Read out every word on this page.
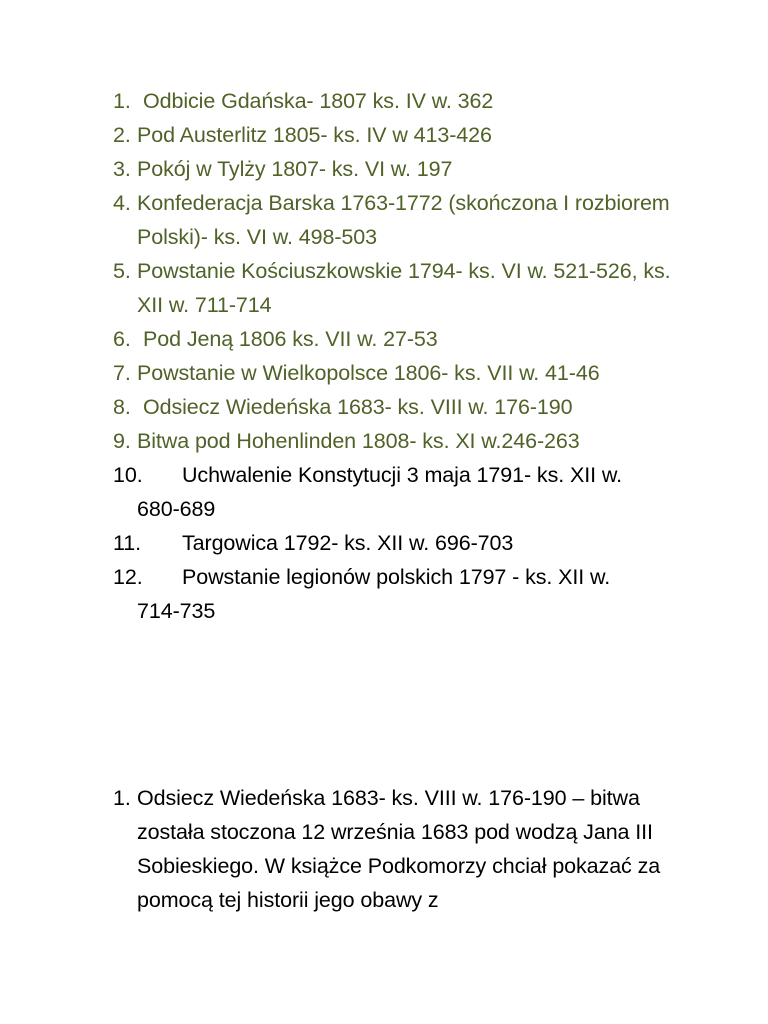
1. Odbicie Gdańska- 1807 ks. IV w. 362
2. Pod Austerlitz 1805- ks. IV w 413-426
3. Pokój w Tylży 1807- ks. VI w. 197
4. Konfederacja Barska 1763-1772 (skończona I rozbiorem Polski)- ks. VI w. 498-503
5. Powstanie Kościuszkowskie 1794- ks. VI w. 521-526, ks. XII w. 711-714
6. Pod Jeną 1806 ks. VII w. 27-53
7. Powstanie w Wielkopolsce 1806- ks. VII w. 41-46
8. Odsiecz Wiedeńska 1683- ks. VIII w. 176-190
9. Bitwa pod Hohenlinden 1808- ks. XI w.246-263
10. Uchwalenie Konstytucji 3 maja 1791- ks. XII w.
680-689
11. Targowica 1792- ks. XII w. 696-703
12. Powstanie legionów polskich 1797 - ks. XII w.
714-735
1. Odsiecz Wiedeńska 1683- ks. VIII w. 176-190 – bitwa została stoczona 12 września 1683 pod wodzą Jana III Sobieskiego. W książce Podkomorzy chciał pokazać za pomocą tej historii jego obawy z
